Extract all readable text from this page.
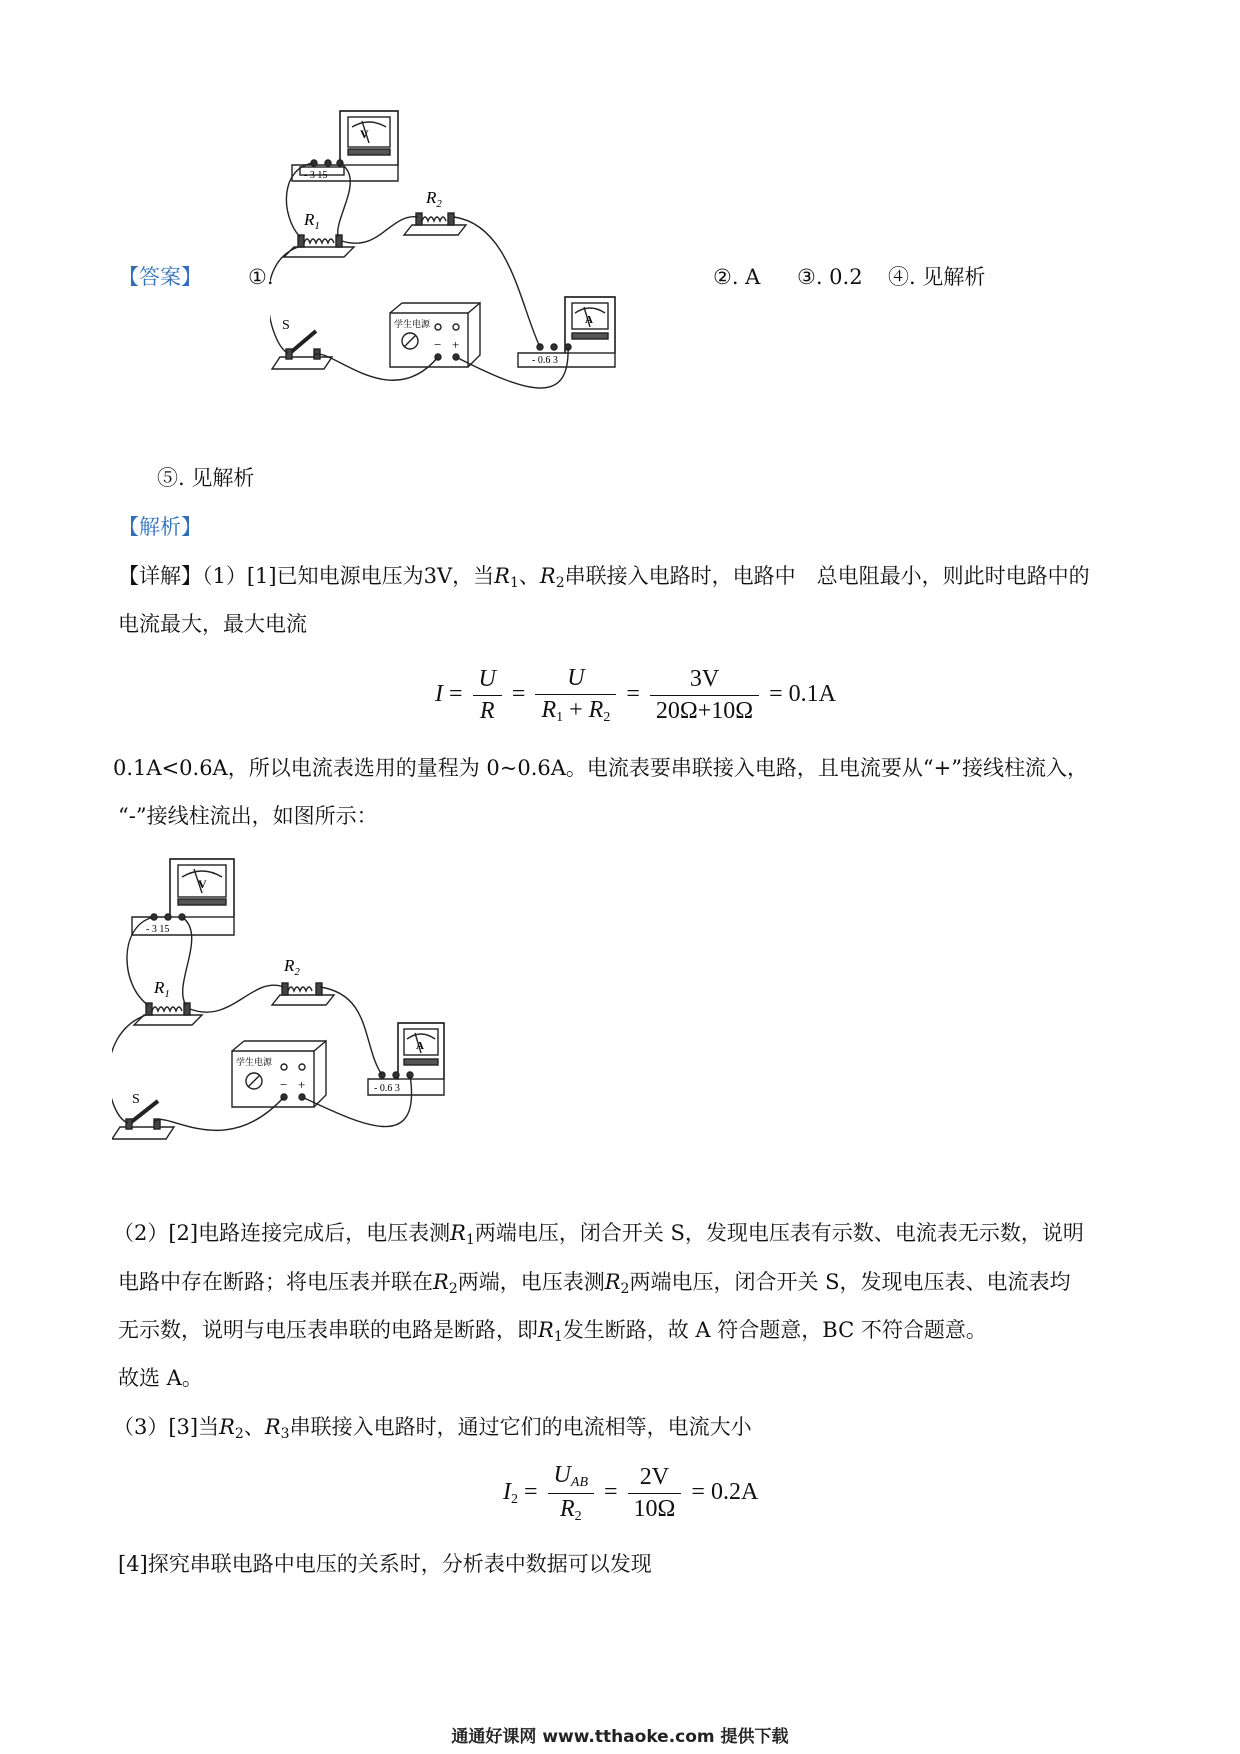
【答案】 ①.
V
- 3 15
A
- 0.6 3
$R_1$
$R_2$
S	学生电源
− +
②. A ③. 0.2 ④. 见解析
⑤. 见解析
【解析】
【详解】（1）[1]已知电源电压为3V，当$R_1$、$R_2$串联接入电路时，电路中　总电阻最小，则此时电路中的
电流最大，最大电流
$I = \frac{U}{R} = \frac{U}{R_1 + R_2} = \frac{3V}{20\Omega+10\Omega} = 0.1A$
0.1A<0.6A，所以电流表选用的量程为 0~0.6A。电流表要串联接入电路，且电流要从“+”接线柱流入，
“-”接线柱流出，如图所示：
V
- 3 15
A
- 0.6 3
$R_1$
$R_2$
S
学生电源
− +
（2）[2]电路连接完成后，电压表测$R_1$两端电压，闭合开关 S，发现电压表有示数、电流表无示数，说明
电路中存在断路；将电压表并联在$R_2$两端，电压表测$R_2$两端电压，闭合开关 S，发现电压表、电流表均
无示数，说明与电压表串联的电路是断路，即$R_1$发生断路，故 A 符合题意，BC 不符合题意。
故选 A。
（3）[3]当$R_2$、$R_3$串联接入电路时，通过它们的电流相等，电流大小
$I_2 = \frac{U_{AB}}{R_2} = \frac{2V}{10\Omega} = 0.2A$
[4]探究串联电路中电压的关系时，分析表中数据可以发现
通通好课网 www.tthaoke.com 提供下载
